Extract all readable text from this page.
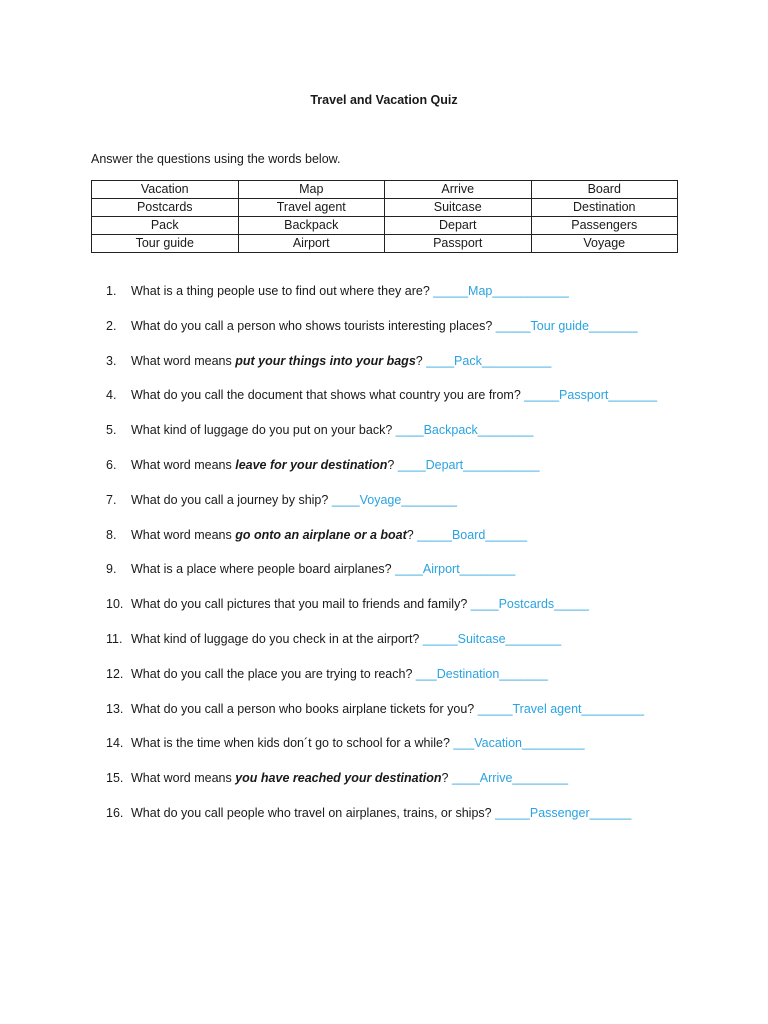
Travel and Vacation Quiz
Answer the questions using the words below.
Vacation	Map	Arrive	Board
Postcards	Travel agent	Suitcase	Destination
Pack	Backpack	Depart	Passengers
Tour guide	Airport	Passport	Voyage
1. What is a thing people use to find out where they are? _____Map___________
2. What do you call a person who shows tourists interesting places? _____Tour guide_______
3. What word means put your things into your bags? ____Pack__________
4. What do you call the document that shows what country you are from? _____Passport_______
5. What kind of luggage do you put on your back? ____Backpack________
6. What word means leave for your destination? ____Depart___________
7. What do you call a journey by ship? ____Voyage________
8. What word means go onto an airplane or a boat? _____Board______
9. What is a place where people board airplanes? ____Airport________
10. What do you call pictures that you mail to friends and family? ____Postcards_____
11. What kind of luggage do you check in at the airport? _____Suitcase________
12. What do you call the place you are trying to reach? ___Destination_______
13. What do you call a person who books airplane tickets for you? _____Travel agent_________
14. What is the time when kids don´t go to school for a while? ___Vacation_________
15. What word means you have reached your destination? ____Arrive________
16. What do you call people who travel on airplanes, trains, or ships? _____Passenger______
